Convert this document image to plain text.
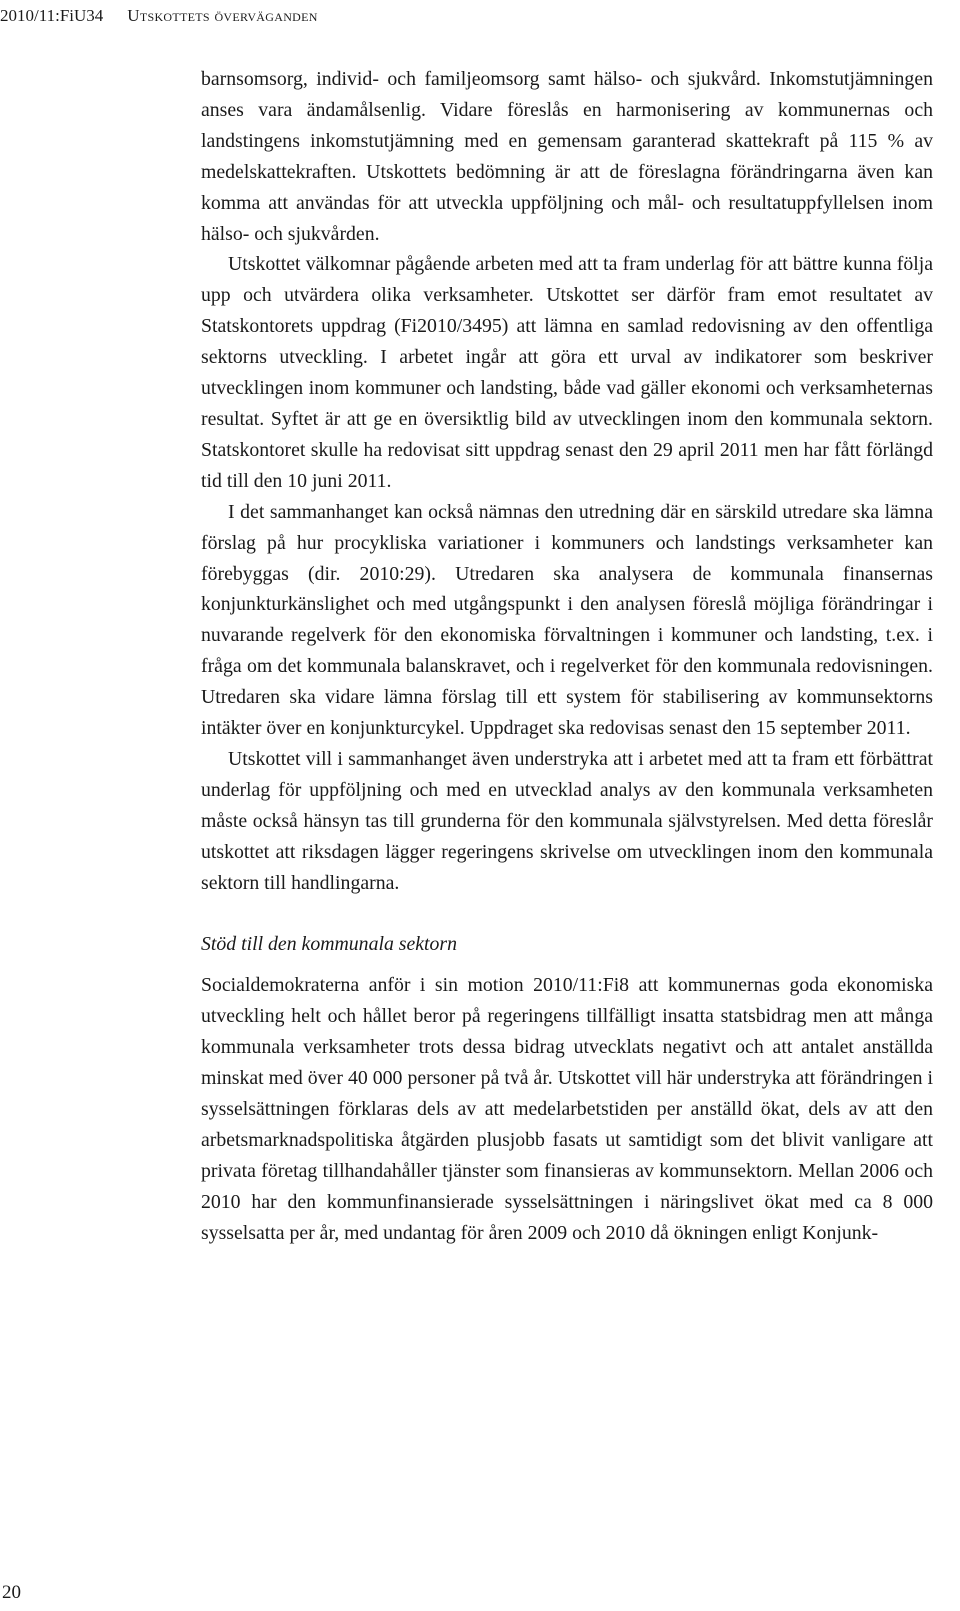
2010/11:FiU34 Utskottets överväganden

barnsomsorg, individ- och familjeomsorg samt hälso- och sjukvård. Inkomstutjämningen anses vara ändamålsenlig. Vidare föreslås en harmonisering av kommunernas och landstingens inkomstutjämning med en gemensam garanterad skattekraft på 115 % av medelskattekraften. Utskottets bedömning är att de föreslagna förändringarna även kan komma att användas för att utveckla uppföljning och mål- och resultatuppfyllelsen inom hälso- och sjukvården.

Utskottet välkomnar pågående arbeten med att ta fram underlag för att bättre kunna följa upp och utvärdera olika verksamheter. Utskottet ser därför fram emot resultatet av Statskontorets uppdrag (Fi2010/3495) att lämna en samlad redovisning av den offentliga sektorns utveckling. I arbetet ingår att göra ett urval av indikatorer som beskriver utvecklingen inom kommuner och landsting, både vad gäller ekonomi och verksamheternas resultat. Syftet är att ge en översiktlig bild av utvecklingen inom den kommunala sektorn. Statskontoret skulle ha redovisat sitt uppdrag senast den 29 april 2011 men har fått förlängd tid till den 10 juni 2011.

I det sammanhanget kan också nämnas den utredning där en särskild utredare ska lämna förslag på hur procykliska variationer i kommuners och landstings verksamheter kan förebyggas (dir. 2010:29). Utredaren ska analysera de kommunala finansernas konjunkturkänslighet och med utgångspunkt i den analysen föreslå möjliga förändringar i nuvarande regelverk för den ekonomiska förvaltningen i kommuner och landsting, t.ex. i fråga om det kommunala balanskravet, och i regelverket för den kommunala redovisningen. Utredaren ska vidare lämna förslag till ett system för stabilisering av kommunsektorns intäkter över en konjunkturcykel. Uppdraget ska redovisas senast den 15 september 2011.

Utskottet vill i sammanhanget även understryka att i arbetet med att ta fram ett förbättrat underlag för uppföljning och med en utvecklad analys av den kommunala verksamheten måste också hänsyn tas till grunderna för den kommunala självstyrelsen. Med detta föreslår utskottet att riksdagen lägger regeringens skrivelse om utvecklingen inom den kommunala sektorn till handlingarna.

Stöd till den kommunala sektorn

Socialdemokraterna anför i sin motion 2010/11:Fi8 att kommunernas goda ekonomiska utveckling helt och hållet beror på regeringens tillfälligt insatta statsbidrag men att många kommunala verksamheter trots dessa bidrag utvecklats negativt och att antalet anställda minskat med över 40 000 personer på två år. Utskottet vill här understryka att förändringen i sysselsättningen förklaras dels av att medelarbetstiden per anställd ökat, dels av att den arbetsmarknadspolitiska åtgärden plusjobb fasats ut samtidigt som det blivit vanligare att privata företag tillhandahåller tjänster som finansieras av kommunsektorn. Mellan 2006 och 2010 har den kommunfinansierade sysselsättningen i näringslivet ökat med ca 8 000 sysselsatta per år, med undantag för åren 2009 och 2010 då ökningen enligt Konjunk-

20
